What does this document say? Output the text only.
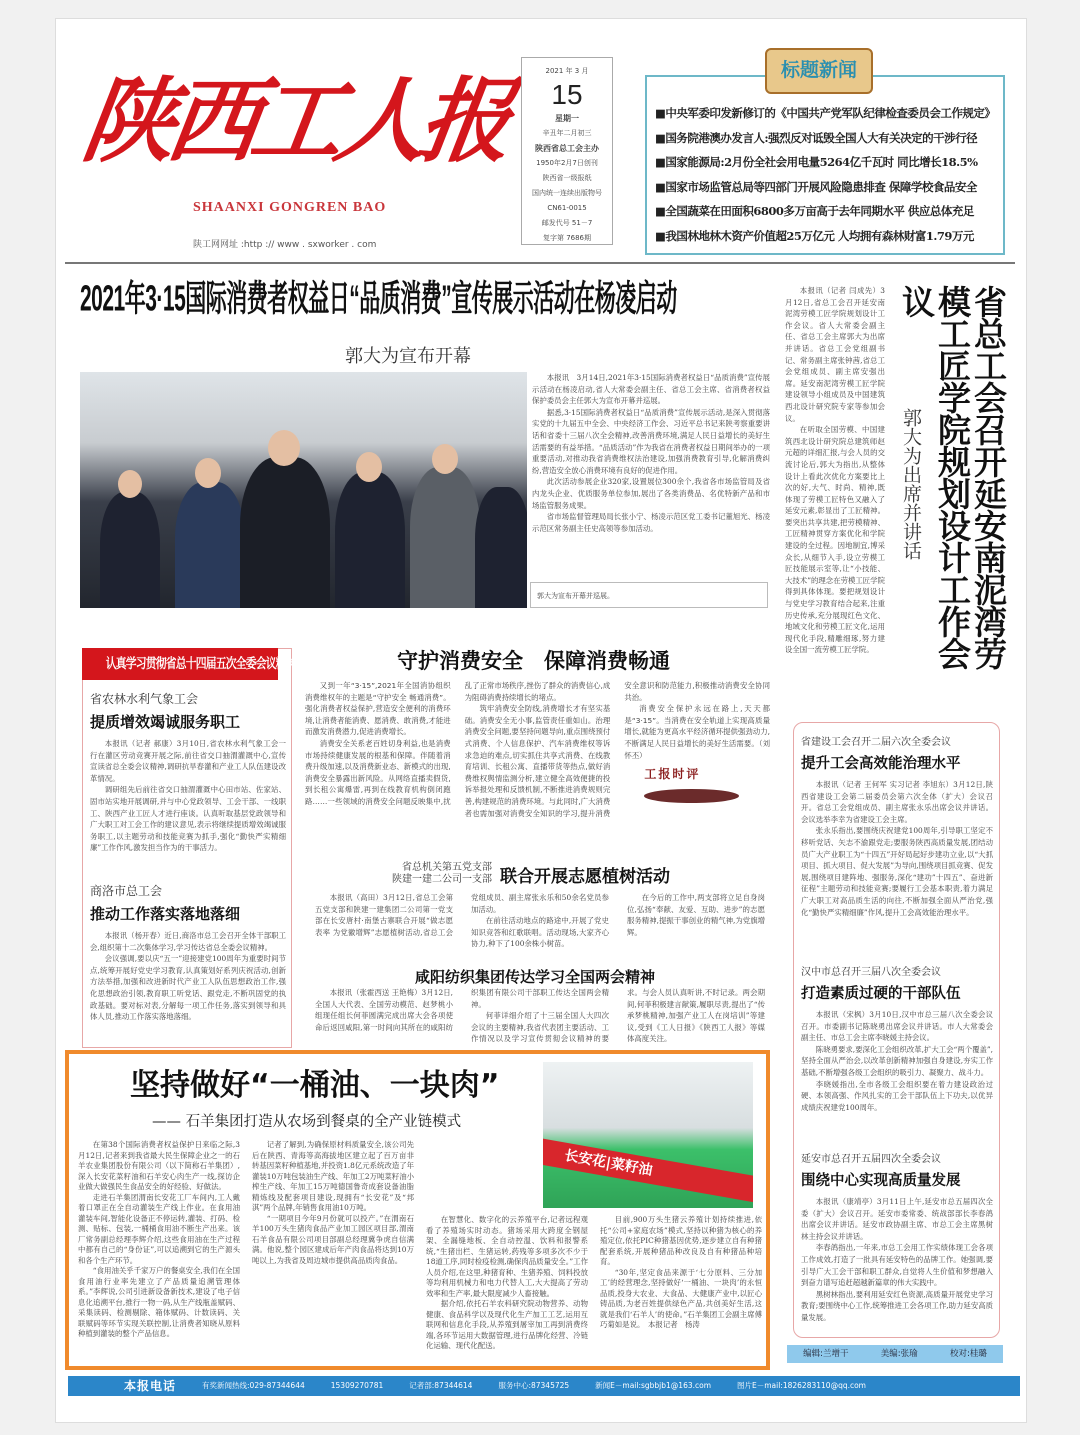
陕西工人报
SHAANXI GONGREN BAO
陕工网网址 :http :// www . sxworker . com
2021 年 3 月
15
星期一
辛丑年二月初三
陕西省总工会主办
1950年2月7日创刊
陕西省一级报纸
国内统一连续出版物号
CN61-0015
邮发代号 51－7
复字第 7686期
■中央军委印发新修订的《中国共产党军队纪律检查委员会工作规定》
■国务院港澳办发言人:强烈反对诋毁全国人大有关决定的干涉行径
■国家能源局:2月份全社会用电量5264亿千瓦时 同比增长18.5%
■国家市场监管总局等四部门开展风险隐患排查 保障学校食品安全
■全国蔬菜在田面积6800多万亩高于去年同期水平 供应总体充足
■我国林地林木资产价值超25万亿元 人均拥有森林财富1.79万元
标题新闻
2021年3·15国际消费者权益日“品质消费”宣传展示活动在杨凌启动
郭大为宣布开幕

本报讯　3月14日,2021年3·15国际消费者权益日“品质消费”宣传展示活动在杨凌启动,省人大常委会副主任、省总工会主席、省消费者权益保护委员会主任郭大为宣布开幕并巡展。

据悉,3·15国际消费者权益日“品质消费”宣传展示活动,是深入贯彻落实党的十九届五中全会、中央经济工作会、习近平总书记来陕考察重要讲话和省委十三届八次全会精神,改善消费环境,满足人民日益增长的美好生活需要的有益举措。“品质活动”作为我省在消费者权益日期间举办的一项重要活动,对推动我省消费维权法治建设,加强消费教育引导,化解消费纠纷,营造安全放心消费环境有良好的促进作用。

此次活动参展企业320家,设置展位300余个,我省各市场监管局及省内龙头企业、优质服务单位参加,展出了各类消费品、名优特新产品和市场监管服务成果。

省市场监督管理局局长张小宁、杨凌示范区党工委书记董旭光、杨凌示范区常务副主任史高领等参加活动。

郭大为宣布开幕并巡展。

本报讯（记者 闫成先）3月12日,省总工会召开延安南泥湾劳模工匠学院规划设计工作会议。省人大常委会副主任、省总工会主席郭大为出席并讲话。省总工会党组副书记、常务副主席张钟茜,省总工会党组成员、副主席安强出席。延安南泥湾劳模工匠学院建设领导小组成员及中国建筑西北设计研究院专家等参加会议。

在听取全国劳模、中国建筑西北设计研究院总建筑师赵元超的详细汇报,与会人员的交流讨论后,郭大为指出,从整体设计上看此次优化方案要比上次的好,大气、时尚、精神,既体现了劳模工匠特色又融入了延安元素,彰显出了工匠精神。要突出共享共建,把劳模精神、工匠精神贯穿方案优化和学院建设的全过程。因地制宜,博采众长,从细节入手,设立劳模工匠技能展示室等,让“小技能、大技术”的理念在劳模工匠学院得到具体体现。要把规划设计与党史学习教育结合起来,注重历史传承,充分展现红色文化、地域文化和劳模工匠文化,运用现代化手段,精雕细琢,努力建设全国一流劳模工匠学院。

郭大为出席并讲话	省总工会召开延安南泥湾劳模工匠学院规划设计工作会议
认真学习贯彻省总十四届五次全委会议精神
省农林水利气象工会
提质增效竭诚服务职工

本报讯（记者 郝康）3月10日,省农林水利气象工会一行在灌区劳动竞赛开展之际,前往省交口抽渭灌溉中心,宣传宣读省总全委会议精神,调研抗旱春灌和产业工人队伍建设改革情况。

调研组先后前往省交口抽渭灌溉中心田市站、佐家站、固市站实地开展调研,并与中心党政领导、工会干部、一线职工、陕西产业工匠人才进行座谈。认真听取基层党政领导和广大职工对工会工作的建议意见,表示将继续提质增效竭诚服务职工,以主题劳动和技能竞赛为抓手,强化“勤快严实精细廉”工作作风,激发担当作为的干事活力。

商洛市总工会
推动工作落实落地落细

本报讯（杨开春）近日,商洛市总工会召开全体干部职工会,组织第十二次集体学习,学习传达省总全委会议精神。

会议强调,要以庆“五一”迎接建党100周年为重要时间节点,统筹开展好党史学习教育,认真策划好系列庆祝活动,创新方法举措,加强和改进新时代产业工人队伍思想政治工作,强化思想政治引领,教育职工听党话、跟党走,不断巩固党的执政基础。要对标对表,分解每一项工作任务,落实到领导和具体人员,推动工作落实落地落细。

守护消费安全　保障消费畅通

又到一年“3·15”,2021年全国消协组织消费维权年的主题是“守护安全 畅通消费”。强化消费者权益保护,营造安全便利的消费环境,让消费者能消费、愿消费、敢消费,才能进而激发消费潜力,促进消费增长。

消费安全关系老百姓切身利益,也是消费市场持续健康发展的根基和保障。伴随着消费升级加速,以及消费新业态、新模式的出现,消费安全暴露出新风险。从网络直播卖假货,到长租公寓爆雷,再到在线教育机构倒闭跑路……一些领域的消费安全问题反映集中,扰乱了正常市场秩序,挫伤了群众的消费信心,成为阻碍消费持续增长的堵点。

筑牢消费安全防线,消费增长才有坚实基础。消费安全无小事,监管责任重如山。治理消费安全问题,要坚持问题导向,重点围绕预付式消费、个人信息保护、汽车消费维权等诉求急迫的难点,切实抓住共享式消费、在线教育培训、长租公寓、直播带货等热点,做好消费维权舆情监测分析,建立健全高效便捷的投诉举报处理和反馈机制,不断推进消费规则完善,构建规范的消费环境。与此同时,广大消费者也需加强对消费安全知识的学习,提升消费安全意识和防范能力,积极推动消费安全协同共治。

消费安全保护永远在路上,天天都是“3·15”。当消费在安全轨道上实现高质量增长,就能为更高水平经济循环提供强劲动力,不断满足人民日益增长的美好生活需要。（刘怀丕）

工报时评
省总机关第五党支部
陕建一建二公司一支部 联合开展志愿植树活动

本报讯（高田）3月12日,省总工会第五党支部和陕建一建集团二公司第一党支部在长安唐村·南堡古寨联合开展“做志愿表率 为党徽增辉”志愿植树活动,省总工会党组成员、副主席张永乐和50余名党员参加活动。

在前往活动地点的路途中,开展了党史知识竞答和红歌联唱。活动现场,大家齐心协力,种下了100余株小树苗。

在今后的工作中,两支部将立足自身岗位,弘扬“奉献、友爱、互助、进步”的志愿服务精神,提振干事创业的精气神,为党旗增辉。

咸阳纺织集团传达学习全国两会精神

本报讯（张霍西送 王艳梅）3月12日,全国人大代表、全国劳动模范、赵梦桃小组现任组长何菲圆满完成出席大会各项使命后返回咸阳,第一时间向其所在的咸阳纺织集团有限公司干部职工传达全国两会精神。

何菲详细介绍了十三届全国人大四次会议的主要精神,我省代表团主要活动、工作情况以及学习宣传贯彻会议精神的要求。与会人员认真听讲,不时记录。两会期间,何菲积极建言献策,履职尽责,提出了“传承梦桃精神,加强产业工人在岗培训”等建议,受到《工人日报》《陕西工人报》等媒体高度关注。

省建设工会召开二届六次全委会议
提升工会高效能治理水平

本报讯（记者 王何军 实习记者 李旭东）3月12日,陕西省建设工会第二届委员会第六次全体（扩大）会议召开。省总工会党组成员、副主席张永乐出席会议并讲话。会议选举李幸为省建设工会主席。

张永乐指出,要围绕庆祝建党100周年,引导职工坚定不移听党话、矢志不渝跟党走;要服务陕西高质量发展,团结动员广大产业职工为“十四五”开好局起好步建功立业,以“大抓项目、抓大项目、促大发展”为导向,围绕项目抓竞赛、促发展,围绕项目建阵地、强服务,深化“建功”十四五”、奋进新征程”主题劳动和技能竞赛;要履行工会基本职责,着力满足广大职工对高品质生活的向往,不断加强全面从严治党,强化“勤快严实精细廉”作风,提升工会高效能治理水平。

汉中市总召开三届八次全委会议
打造素质过硬的干部队伍

本报讯（宋枫）3月10日,汉中市总三届八次全委会议召开。市委副书记陈晓勇出席会议并讲话。市人大常委会副主任、市总工会主席李晓媛主持会议。

陈晓勇要求,要深化工会组织改革,扩大工会“两个覆盖”,坚持全面从严治会,以改革创新精神加强自身建设,夯实工作基础,不断增强各级工会组织的吸引力、凝聚力、战斗力。

李晓媛指出,全市各级工会组织要在着力建设政治过硬、本领高强、作风扎实的工会干部队伍上下功夫,以优异成绩庆祝建党100周年。

延安市总召开五届四次全委会议
围绕中心实现高质量发展

本报讯（康靖亭）3月11日上午,延安市总五届四次全委（扩大）会议召开。延安市委常委、统战部部长李春鸽出席会议并讲话。延安市政协副主席、市总工会主席黑树林主持会议并讲话。

李春鸽指出,一年来,市总工会用工作实绩体现工会各项工作成效,打造了一批具有延安特色的品牌工作。她强调,要引导广大工会干部和职工群众,自觉将人生价值和梦想融入到奋力谱写追赶超越新篇章的伟大实践中。

黑树林指出,要利用延安红色资源,高质量开展党史学习教育;要围绕中心工作,统筹推进工会各项工作,助力延安高质量发展。

编辑:兰增干	美编:张瑜	校对:桂璐
坚持做好“一桶油、一块肉”
—— 石羊集团打造从农场到餐桌的全产业链模式
长安花|菜籽油

在第38个国际消费者权益保护日来临之际,3月12日,记者来到我省最大民生保障企业之一的石羊农业集团股份有限公司（以下简称石羊集团）,深入长安花菜籽油和石羊安心肉生产一线,探访企业做大做强民生食品安全的好经验、好做法。

走进石羊集团渭南长安花工厂车间内,工人戴着口罩正在全自动灌装生产线上作业。在食用油灌装车间,智能化设备正不停运转,灌装、打码、检测、贴标、包装,一桶桶食用油不断生产出来。该厂常务副总经理李辉介绍,这些食用油在生产过程中都有自己的“身份证”,可以追溯到它的生产源头和各个生产环节。

“食用油关乎千家万户的餐桌安全,我们在全国食用油行业率先建立了产品质量追溯管理体系。”李辉说,公司引进新设备新技术,建设了电子信息化追溯平台,推行一物一码,从生产线瓶盖赋码、采集读码、检测剔除、箱体赋码、计数读码、关联赋码等环节实现关联控制,让消费者知晓从原料种植到灌装的整个产品信息。

记者了解到,为确保原材料质量安全,该公司先后在陕西、青海等高海拔地区建立起了百万亩非转基因菜籽种植基地,并投资1.8亿元系统改造了年灌装10万吨包装油生产线、年加工2万吨菜籽油小榨生产线、年加工15万吨德国鲁奇成套设备油脂精炼线及配套项目建设,现拥有“长安花”及“邦淇”两个品牌,年销售食用油10万吨。

“一期项目今年9月份就可以投产。”在渭南石羊100万头生猪肉食品产业加工园区项目部,渭南石羊食品有限公司项目部副总经理冀争虎自信满满。他说,整个园区建成后年产肉食品将达到10万吨以上,为我省及周边城市提供高品质肉食品。

在智慧化、数字化的云养殖平台,记者远程观看了养殖场实时动态。猪场采用大跨度全钢屋架、全漏缝地板、全自动控温、饮料和报警系统,“生猪出栏、生猪运转,药残等多项多次不少于18道工序,同时检疫检测,确保肉品质量安全。”工作人员介绍,在这里,种猪育种、生猪养殖、饲料投放等均利用机械力和电力代替人工,大大提高了劳动效率和生产率,最大限度减少人畜接触。

据介绍,依托石羊农科研究院动物营养、动物健康、食品科学以及现代化生产加工工艺,运用互联网和信息化手段,从养殖到屠宰加工再到消费终端,各环节运用大数据管理,进行品牌化经营、冷链化运输、现代化配送。

目前,900万头生猪云养殖计划持续推进,依托“公司+家庭农场”模式,坚持以种猪为核心的养殖定位,依托PIC种猪基因优势,逐步建立自有种猪配套系统,开展种猪品种改良及自有种猪品种培育。

“30年,坚定食品来源于‘七分原料、三分加工’的经营理念,坚持做好‘一桶油、一块肉’的永恒品质,投身大农业、大食品、大健康产业中,以匠心铸品质,为老百姓提供绿色产品,共创美好生活,这就是我们‘石羊人’的使命。”石羊集团工会副主席傅巧菊如是说。　本报记者　杨涛

本报电话	有奖新闻热线:029-87344644	15309270781	记者部:87344614	服务中心:87345725	新闻E－mail:sgbbjb1@163.com	图片E－mail:1826283110@qq.com
